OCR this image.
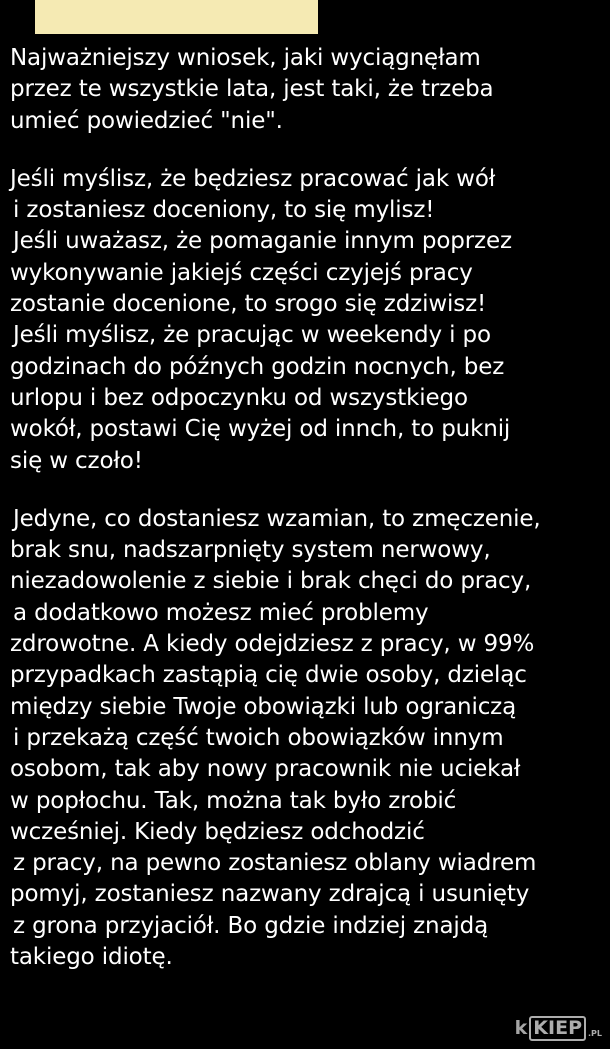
Najważniejszy wniosek, jaki wyciągnęłam
przez te wszystkie lata, jest taki, że trzeba
umieć powiedzieć "nie".
Jeśli myślisz, że będziesz pracować jak wół
i zostaniesz doceniony, to się mylisz!
Jeśli uważasz, że pomaganie innym poprzez
wykonywanie jakiejś części czyjejś pracy
zostanie docenione, to srogo się zdziwisz!
Jeśli myślisz, że pracując w weekendy i po
godzinach do późnych godzin nocnych, bez
urlopu i bez odpoczynku od wszystkiego
wokół, postawi Cię wyżej od innch, to puknij
się w czoło!
Jedyne, co dostaniesz wzamian, to zmęczenie,
brak snu, nadszarpnięty system nerwowy,
niezadowolenie z siebie i brak chęci do pracy,
a dodatkowo możesz mieć problemy
zdrowotne. A kiedy odejdziesz z pracy, w 99%
przypadkach zastąpią cię dwie osoby, dzieląc
między siebie Twoje obowiązki lub ograniczą
i przekażą część twoich obowiązków innym
osobom, tak aby nowy pracownik nie uciekał
w popłochu. Tak, można tak było zrobić
wcześniej. Kiedy będziesz odchodzić
z pracy, na pewno zostaniesz oblany wiadrem
pomyj, zostaniesz nazwany zdrajcą i usunięty
z grona przyjaciół. Bo gdzie indziej znajdą
takiego idiotę.
k KIEP .PL
